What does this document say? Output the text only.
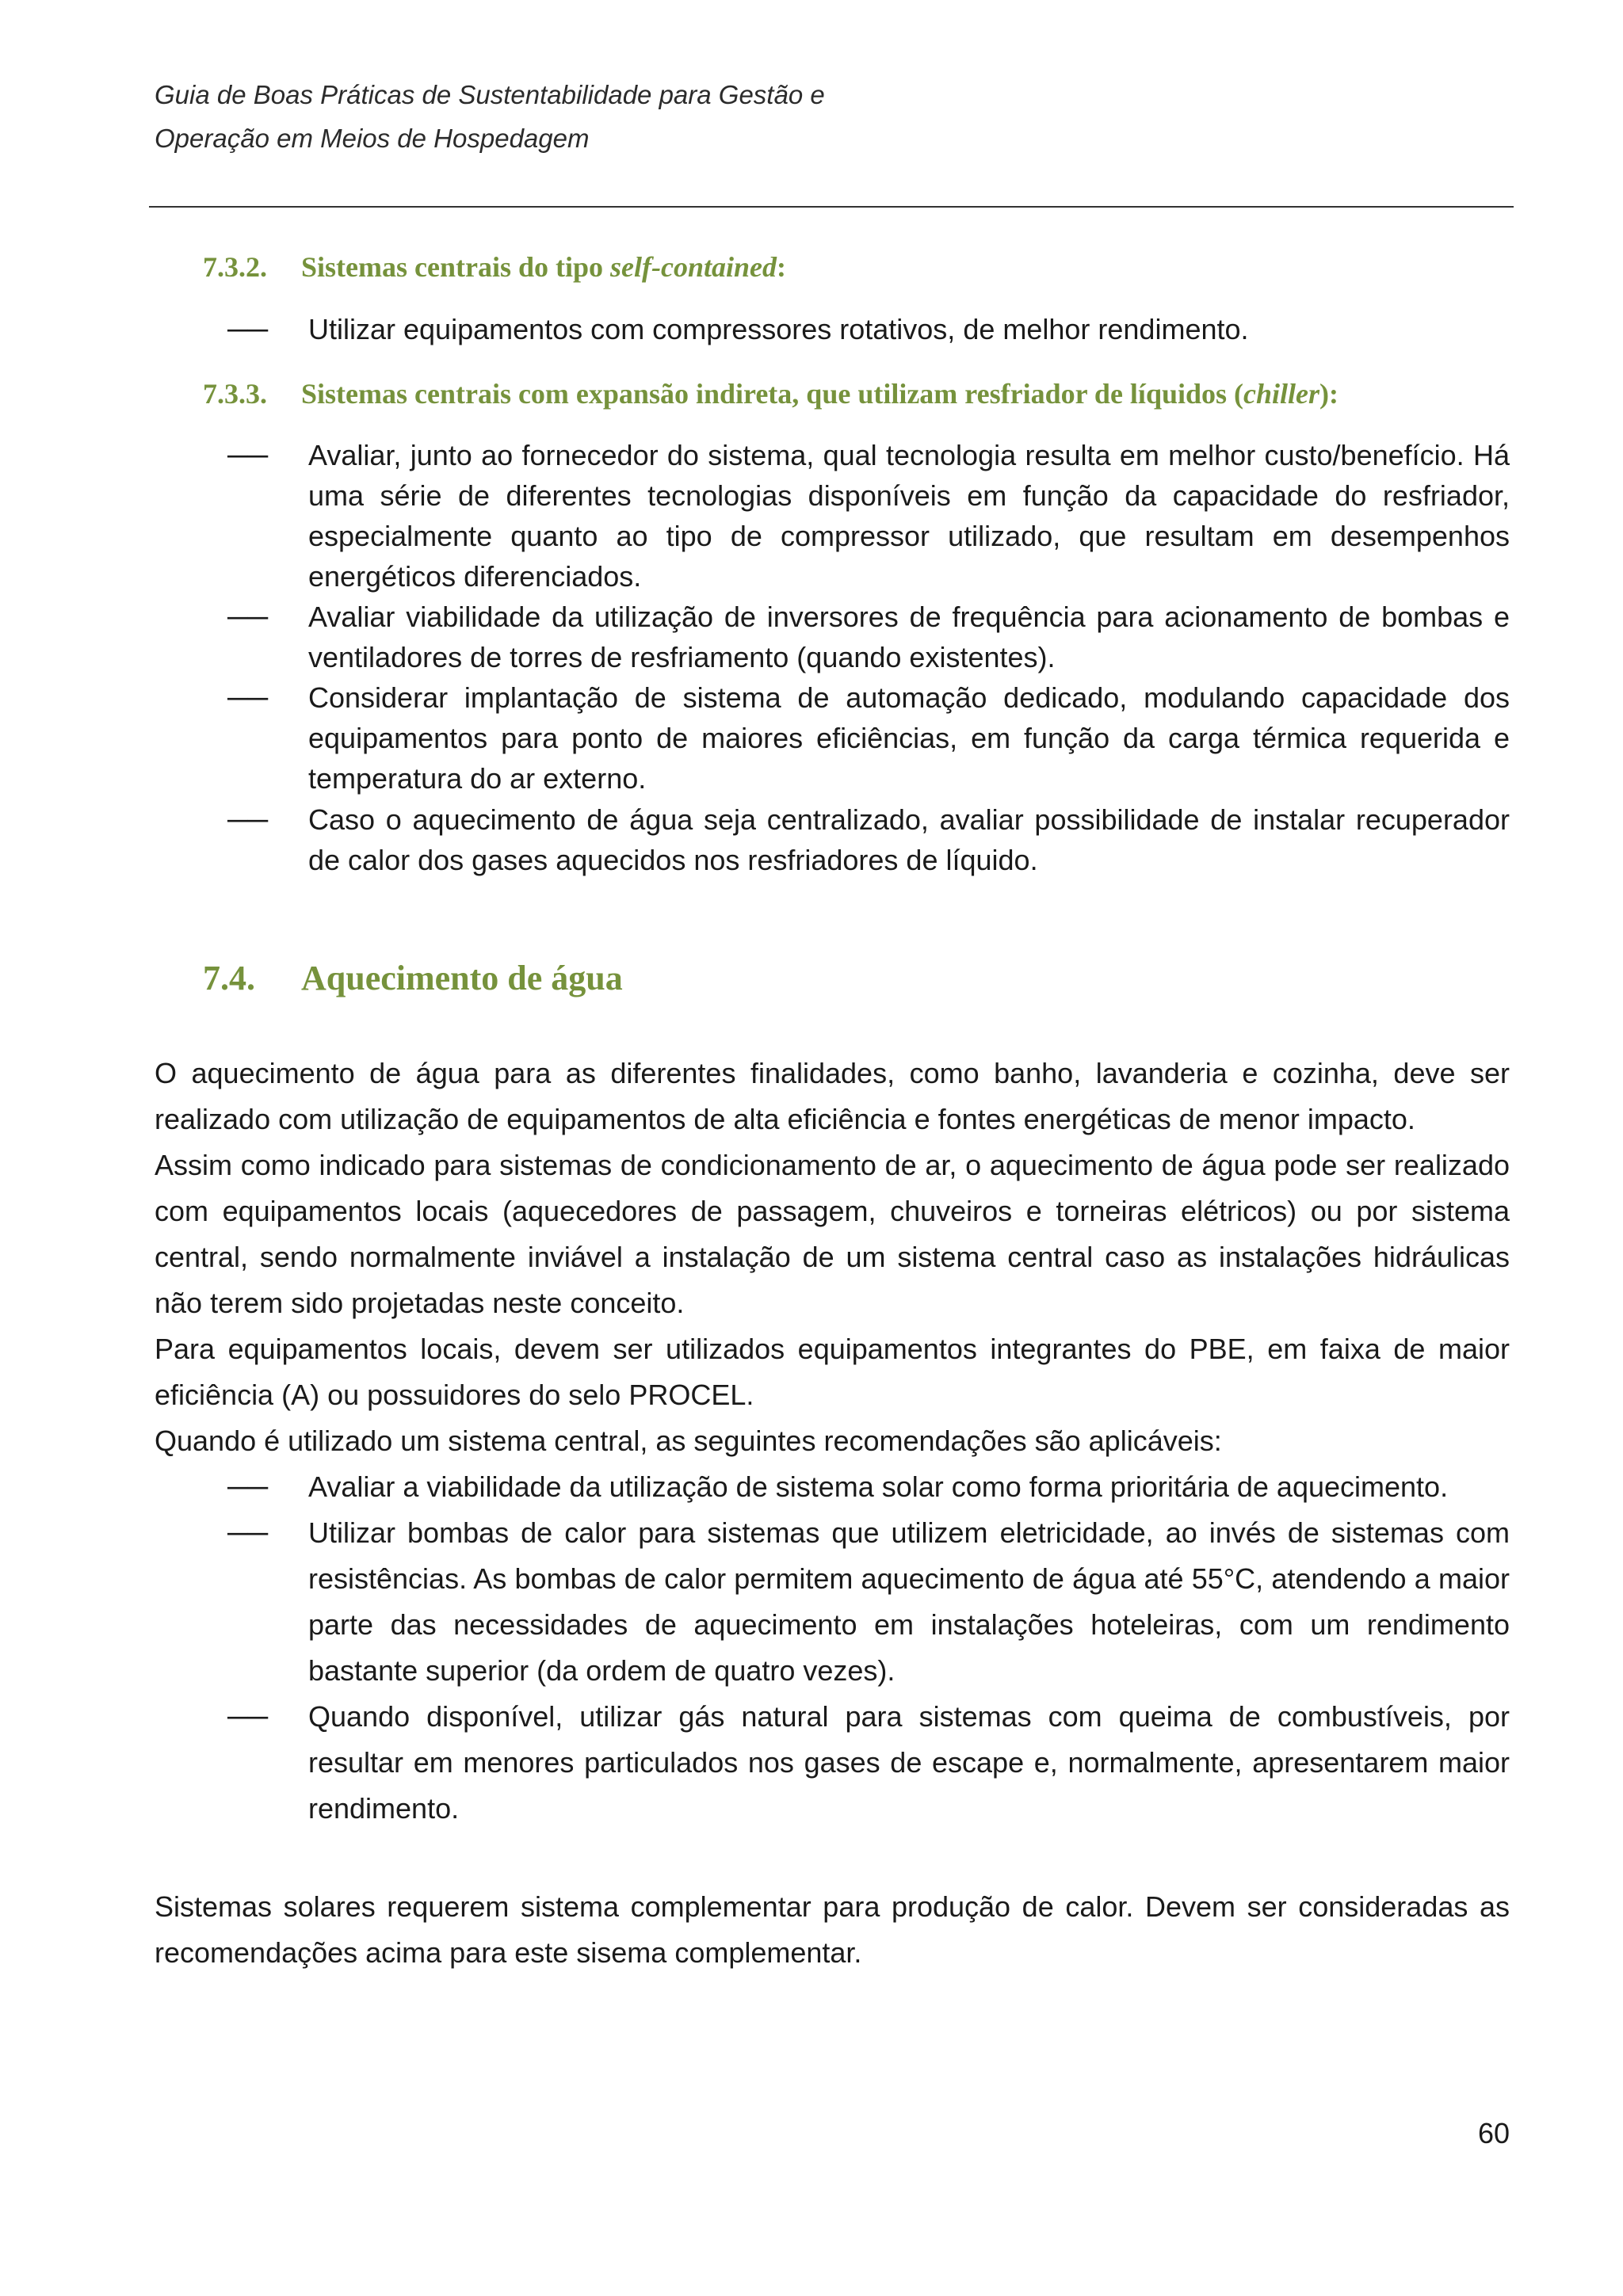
Guia de Boas Práticas de Sustentabilidade para Gestão e
Operação em Meios de Hospedagem
7.3.2. Sistemas centrais do tipo self-contained:
── Utilizar equipamentos com compressores rotativos, de melhor rendimento.
7.3.3. Sistemas centrais com expansão indireta, que utilizam resfriador de líquidos (chiller):
── Avaliar, junto ao fornecedor do sistema, qual tecnologia resulta em melhor custo/benefício. Há uma série de diferentes tecnologias disponíveis em função da capacidade do resfriador, especialmente quanto ao tipo de compressor utilizado, que resultam em desempenhos energéticos diferenciados.
── Avaliar viabilidade da utilização de inversores de frequência para acionamento de bombas e ventiladores de torres de resfriamento (quando existentes).
── Considerar implantação de sistema de automação dedicado, modulando capacidade dos equipamentos para ponto de maiores eficiências, em função da carga térmica requerida e temperatura do ar externo.
── Caso o aquecimento de água seja centralizado, avaliar possibilidade de instalar recuperador de calor dos gases aquecidos nos resfriadores de líquido.
7.4. Aquecimento de água

O aquecimento de água para as diferentes finalidades, como banho, lavanderia e cozinha, deve ser realizado com utilização de equipamentos de alta eficiência e fontes energéticas de menor impacto.

Assim como indicado para sistemas de condicionamento de ar, o aquecimento de água pode ser realizado com equipamentos locais (aquecedores de passagem, chuveiros e torneiras elétricos) ou por sistema central, sendo normalmente inviável a instalação de um sistema central caso as instalações hidráulicas não terem sido projetadas neste conceito.

Para equipamentos locais, devem ser utilizados equipamentos integrantes do PBE, em faixa de maior eficiência (A) ou possuidores do selo PROCEL.

Quando é utilizado um sistema central, as seguintes recomendações são aplicáveis:

── Avaliar a viabilidade da utilização de sistema solar como forma prioritária de aquecimento.
── Utilizar bombas de calor para sistemas que utilizem eletricidade, ao invés de sistemas com resistências. As bombas de calor permitem aquecimento de água até 55°C, atendendo a maior parte das necessidades de aquecimento em instalações hoteleiras, com um rendimento bastante superior (da ordem de quatro vezes).
── Quando disponível, utilizar gás natural para sistemas com queima de combustíveis, por resultar em menores particulados nos gases de escape e, normalmente, apresentarem maior rendimento.

Sistemas solares requerem sistema complementar para produção de calor. Devem ser consideradas as recomendações acima para este sisema complementar.

60
